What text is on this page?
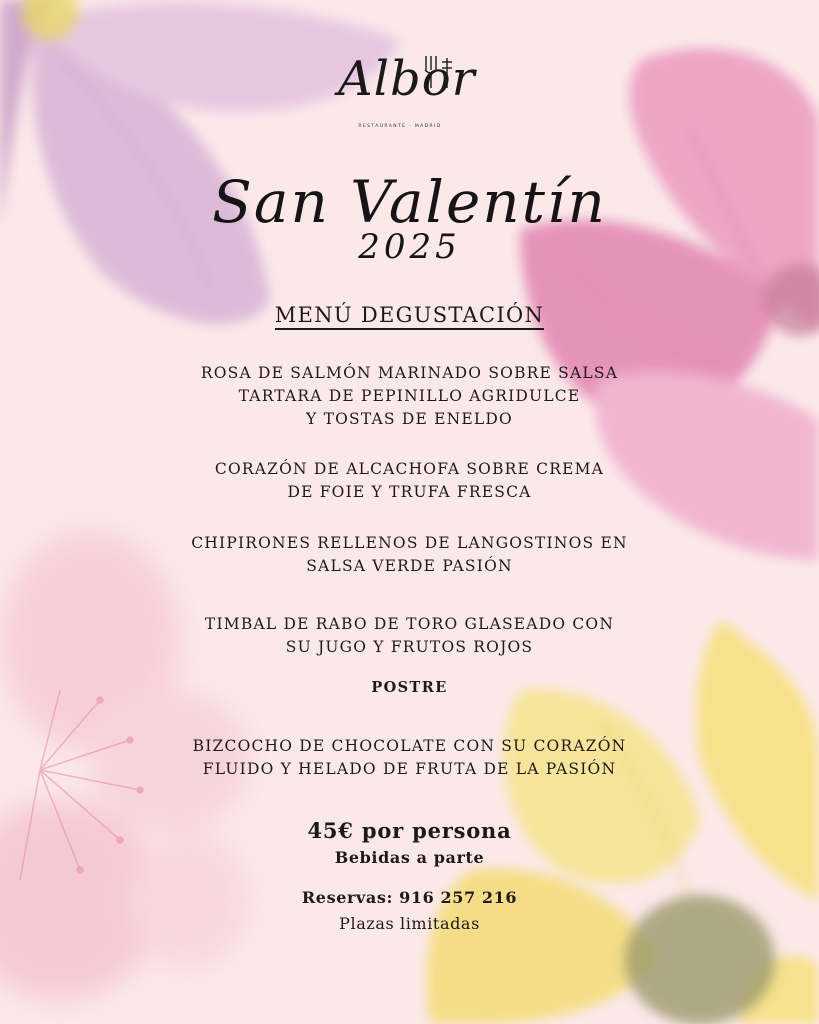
Albor
RESTAURANTE · MADRID
San Valentín
2025
MENÚ DEGUSTACIÓN
ROSA DE SALMÓN MARINADO SOBRE SALSA
TARTARA DE PEPINILLO AGRIDULCE
Y TOSTAS DE ENELDO
CORAZÓN DE ALCACHOFA SOBRE CREMA
DE FOIE Y TRUFA FRESCA
CHIPIRONES RELLENOS DE LANGOSTINOS EN
SALSA VERDE PASIÓN
TIMBAL DE RABO DE TORO GLASEADO CON
SU JUGO Y FRUTOS ROJOS
POSTRE
BIZCOCHO DE CHOCOLATE CON SU CORAZÓN
FLUIDO Y HELADO DE FRUTA DE LA PASIÓN
45€ por persona
Bebidas a parte
Reservas: 916 257 216
Plazas limitadas
